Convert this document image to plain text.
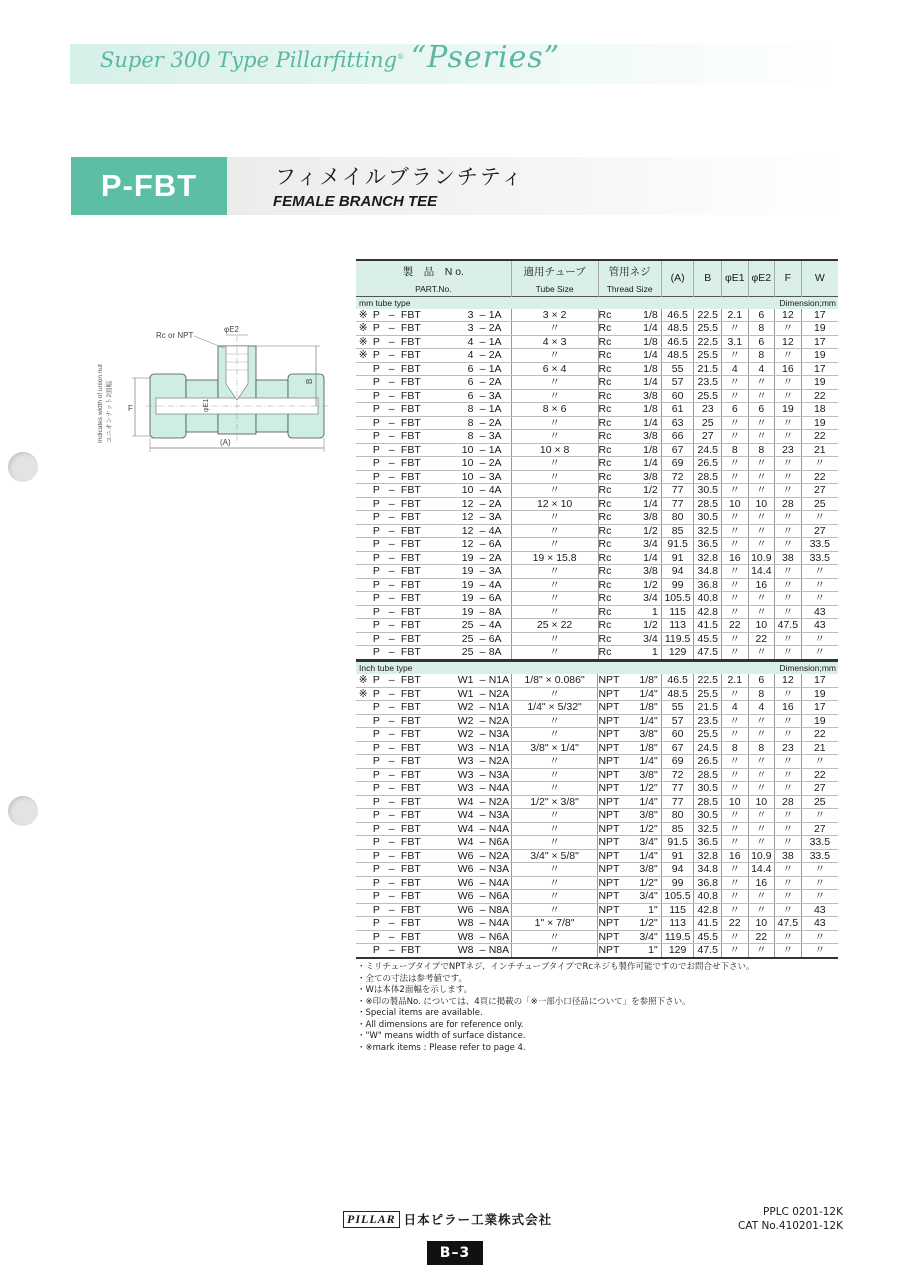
Super 300 Type Pillarfitting® “Pseries”
P-FBT	フィメイルブランチティ
FEMALE BRANCH TEE
Indicates width of union nut ユニオンナット2面幅 F
Rc or NPT
φE2
φE1
B
(A)
製　品　N o.							適用チューブ	管用ネジ		(A)	B	φE1	φE2	F	W
PART.No.							Tube Size	Thread Size							
mm tube type										Dimension;mm					
※	P	–	FBT	3	–	1A	3 × 2	Rc	1/8	46.5	22.5	2.1	6	12	17
※	P	–	FBT	3	–	2A	〃	Rc	1/4	48.5	25.5	〃	8	〃	19
※	P	–	FBT	4	–	1A	4 × 3	Rc	1/8	46.5	22.5	3.1	6	12	17
※	P	–	FBT	4	–	2A	〃	Rc	1/4	48.5	25.5	〃	8	〃	19
	P	–	FBT	6	–	1A	6 × 4	Rc	1/8	55	21.5	4	4	16	17
	P	–	FBT	6	–	2A	〃	Rc	1/4	57	23.5	〃	〃	〃	19
	P	–	FBT	6	–	3A	〃	Rc	3/8	60	25.5	〃	〃	〃	22
	P	–	FBT	8	–	1A	8 × 6	Rc	1/8	61	23	6	6	19	18
	P	–	FBT	8	–	2A	〃	Rc	1/4	63	25	〃	〃	〃	19
	P	–	FBT	8	–	3A	〃	Rc	3/8	66	27	〃	〃	〃	22
	P	–	FBT	10	–	1A	10 × 8	Rc	1/8	67	24.5	8	8	23	21
	P	–	FBT	10	–	2A	〃	Rc	1/4	69	26.5	〃	〃	〃	〃
	P	–	FBT	10	–	3A	〃	Rc	3/8	72	28.5	〃	〃	〃	22
	P	–	FBT	10	–	4A	〃	Rc	1/2	77	30.5	〃	〃	〃	27
	P	–	FBT	12	–	2A	12 × 10	Rc	1/4	77	28.5	10	10	28	25
	P	–	FBT	12	–	3A	〃	Rc	3/8	80	30.5	〃	〃	〃	〃
	P	–	FBT	12	–	4A	〃	Rc	1/2	85	32.5	〃	〃	〃	27
	P	–	FBT	12	–	6A	〃	Rc	3/4	91.5	36.5	〃	〃	〃	33.5
	P	–	FBT	19	–	2A	19 × 15.8	Rc	1/4	91	32.8	16	10.9	38	33.5
	P	–	FBT	19	–	3A	〃	Rc	3/8	94	34.8	〃	14.4	〃	〃
	P	–	FBT	19	–	4A	〃	Rc	1/2	99	36.8	〃	16	〃	〃
	P	–	FBT	19	–	6A	〃	Rc	3/4	105.5	40.8	〃	〃	〃	〃
	P	–	FBT	19	–	8A	〃	Rc	1	115	42.8	〃	〃	〃	43
	P	–	FBT	25	–	4A	25 × 22	Rc	1/2	113	41.5	22	10	47.5	43
	P	–	FBT	25	–	6A	〃	Rc	3/4	119.5	45.5	〃	22	〃	〃
	P	–	FBT	25	–	8A	〃	Rc	1	129	47.5	〃	〃	〃	〃
Inch tube type										Dimension;mm					
※	P	–	FBT	W1	–	N1A	1/8" × 0.086"	NPT	1/8"	46.5	22.5	2.1	6	12	17
※	P	–	FBT	W1	–	N2A	〃	NPT	1/4"	48.5	25.5	〃	8	〃	19
	P	–	FBT	W2	–	N1A	1/4" × 5/32"	NPT	1/8"	55	21.5	4	4	16	17
	P	–	FBT	W2	–	N2A	〃	NPT	1/4"	57	23.5	〃	〃	〃	19
	P	–	FBT	W2	–	N3A	〃	NPT	3/8"	60	25.5	〃	〃	〃	22
	P	–	FBT	W3	–	N1A	3/8" × 1/4"	NPT	1/8"	67	24.5	8	8	23	21
	P	–	FBT	W3	–	N2A	〃	NPT	1/4"	69	26.5	〃	〃	〃	〃
	P	–	FBT	W3	–	N3A	〃	NPT	3/8"	72	28.5	〃	〃	〃	22
	P	–	FBT	W3	–	N4A	〃	NPT	1/2"	77	30.5	〃	〃	〃	27
	P	–	FBT	W4	–	N2A	1/2" × 3/8"	NPT	1/4"	77	28.5	10	10	28	25
	P	–	FBT	W4	–	N3A	〃	NPT	3/8"	80	30.5	〃	〃	〃	〃
	P	–	FBT	W4	–	N4A	〃	NPT	1/2"	85	32.5	〃	〃	〃	27
	P	–	FBT	W4	–	N6A	〃	NPT	3/4"	91.5	36.5	〃	〃	〃	33.5
	P	–	FBT	W6	–	N2A	3/4" × 5/8"	NPT	1/4"	91	32.8	16	10.9	38	33.5
	P	–	FBT	W6	–	N3A	〃	NPT	3/8"	94	34.8	〃	14.4	〃	〃
	P	–	FBT	W6	–	N4A	〃	NPT	1/2"	99	36.8	〃	16	〃	〃
	P	–	FBT	W6	–	N6A	〃	NPT	3/4"	105.5	40.8	〃	〃	〃	〃
	P	–	FBT	W6	–	N8A	〃	NPT	1"	115	42.8	〃	〃	〃	43
	P	–	FBT	W8	–	N4A	1" × 7/8"	NPT	1/2"	113	41.5	22	10	47.5	43
	P	–	FBT	W8	–	N6A	〃	NPT	3/4"	119.5	45.5	〃	22	〃	〃
	P	–	FBT	W8	–	N8A	〃	NPT	1"	129	47.5	〃	〃	〃	〃
・ミリチューブタイプでNPTネジ、インチチューブタイプでRcネジも製作可能ですのでお問合せ下さい。
・全ての寸法は参考値です。
・Wは本体2面幅を示します。
・※印の製品No. については、4頁に掲載の「※一部小口径品について」を参照下さい。
・Special items are available.
・All dimensions are for reference only.
・"W" means width of surface distance.
・※mark items : Please refer to page 4.
PILLAR 日本ピラー工業株式会社	PPLC 0201-12K
CAT No.410201-12K
B–3
